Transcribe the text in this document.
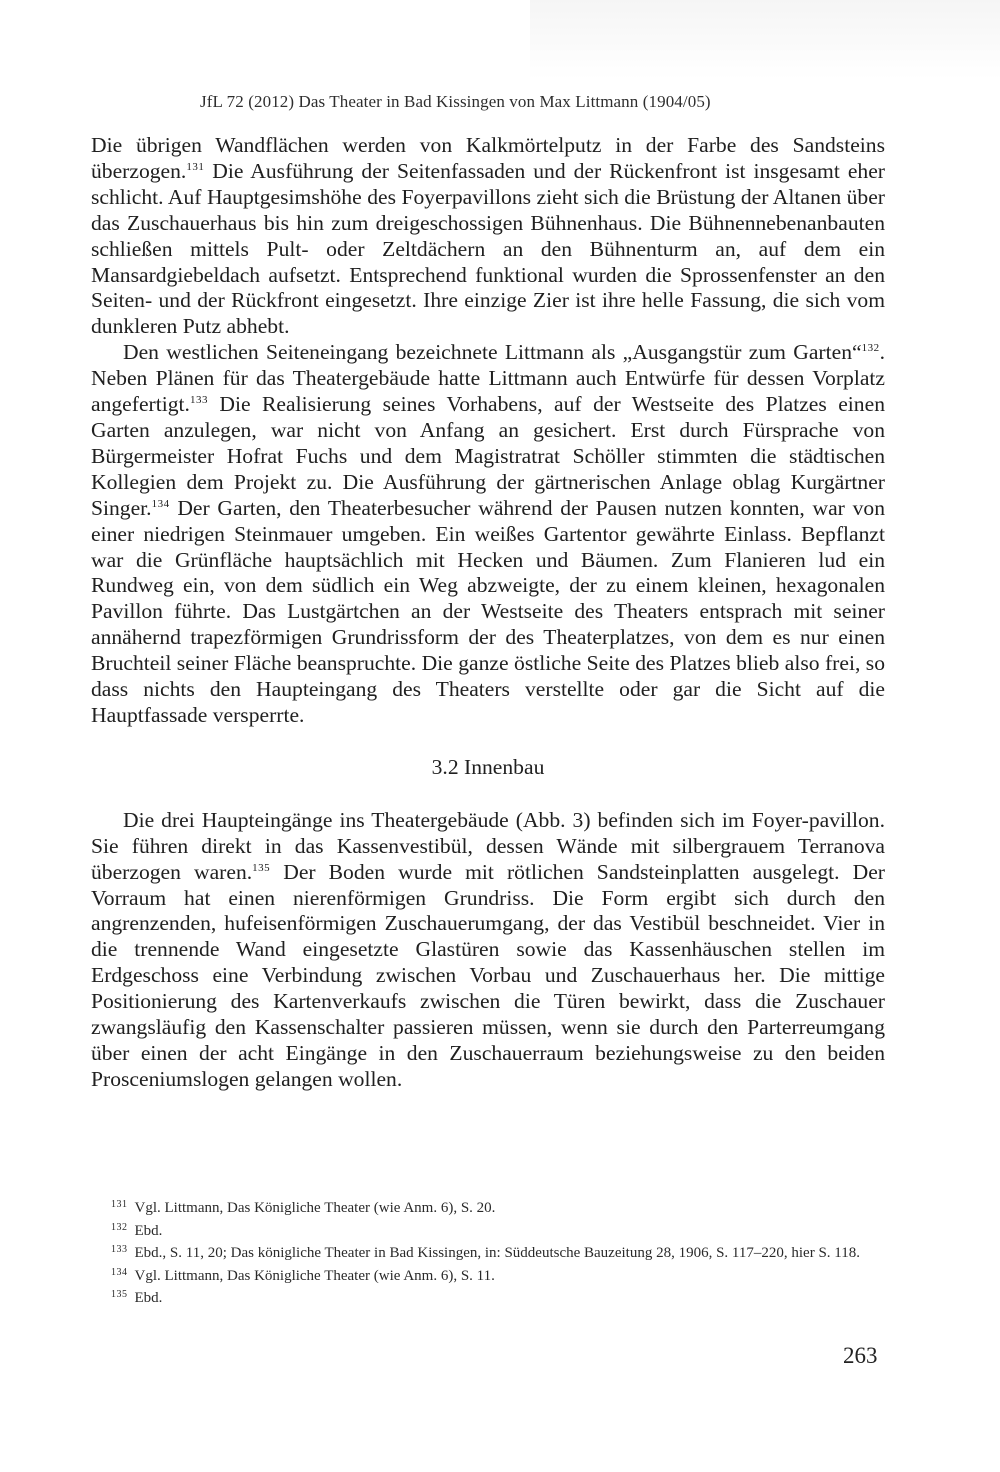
JfL 72 (2012) Das Theater in Bad Kissingen von Max Littmann (1904/05)

Die übrigen Wandflächen werden von Kalkmörtelputz in der Farbe des Sandsteins überzogen.$^{131}$ Die Ausführung der Seitenfassaden und der Rückenfront ist insgesamt eher schlicht. Auf Hauptgesimshöhe des Foyerpavillons zieht sich die Brüstung der Altanen über das Zuschauerhaus bis hin zum dreigeschossigen Bühnenhaus. Die Bühnennebenanbauten schließen mittels Pult- oder Zeltdächern an den Bühnenturm an, auf dem ein Mansardgiebeldach aufsetzt. Entsprechend funktional wurden die Sprossenfenster an den Seiten- und der Rückfront eingesetzt. Ihre einzige Zier ist ihre helle Fassung, die sich vom dunkleren Putz abhebt.

Den westlichen Seiteneingang bezeichnete Littmann als „Ausgangstür zum Garten“$^{132}$. Neben Plänen für das Theatergebäude hatte Littmann auch Entwürfe für dessen Vorplatz angefertigt.$^{133}$ Die Realisierung seines Vorhabens, auf der Westseite des Platzes einen Garten anzulegen, war nicht von Anfang an gesichert. Erst durch Fürsprache von Bürgermeister Hofrat Fuchs und dem Magistratrat Schöller stimmten die städtischen Kollegien dem Projekt zu. Die Ausführung der gärtnerischen Anlage oblag Kurgärtner Singer.$^{134}$ Der Garten, den Theaterbesucher während der Pausen nutzen konnten, war von einer niedrigen Steinmauer umgeben. Ein weißes Gartentor gewährte Einlass. Bepflanzt war die Grünfläche hauptsächlich mit Hecken und Bäumen. Zum Flanieren lud ein Rundweg ein, von dem südlich ein Weg abzweigte, der zu einem kleinen, hexagonalen Pavillon führte. Das Lustgärtchen an der Westseite des Theaters entsprach mit seiner annähernd trapezförmigen Grundrissform der des Theaterplatzes, von dem es nur einen Bruchteil seiner Fläche beanspruchte. Die ganze östliche Seite des Platzes blieb also frei, so dass nichts den Haupteingang des Theaters verstellte oder gar die Sicht auf die Hauptfassade versperrte.

3.2 Innenbau

Die drei Haupteingänge ins Theatergebäude (Abb. 3) befinden sich im Foyer-pavillon. Sie führen direkt in das Kassenvestibül, dessen Wände mit silbergrauem Terranova überzogen waren.$^{135}$ Der Boden wurde mit rötlichen Sandsteinplatten ausgelegt. Der Vorraum hat einen nierenförmigen Grundriss. Die Form ergibt sich durch den angrenzenden, hufeisenförmigen Zuschauerumgang, der das Vestibül beschneidet. Vier in die trennende Wand eingesetzte Glastüren sowie das Kassenhäuschen stellen im Erdgeschoss eine Verbindung zwischen Vorbau und Zuschauerhaus her. Die mittige Positionierung des Kartenverkaufs zwischen die Türen bewirkt, dass die Zuschauer zwangsläufig den Kassenschalter passieren müssen, wenn sie durch den Parterreumgang über einen der acht Eingänge in den Zuschauerraum beziehungsweise zu den beiden Prosceniumslogen gelangen wollen.

$^{131}$ Vgl. Littmann, Das Königliche Theater (wie Anm. 6), S. 20.

$^{132}$ Ebd.

$^{133}$ Ebd., S. 11, 20; Das königliche Theater in Bad Kissingen, in: Süddeutsche Bauzeitung 28, 1906, S. 117–220, hier S. 118.

$^{134}$ Vgl. Littmann, Das Königliche Theater (wie Anm. 6), S. 11.

$^{135}$ Ebd.

263
